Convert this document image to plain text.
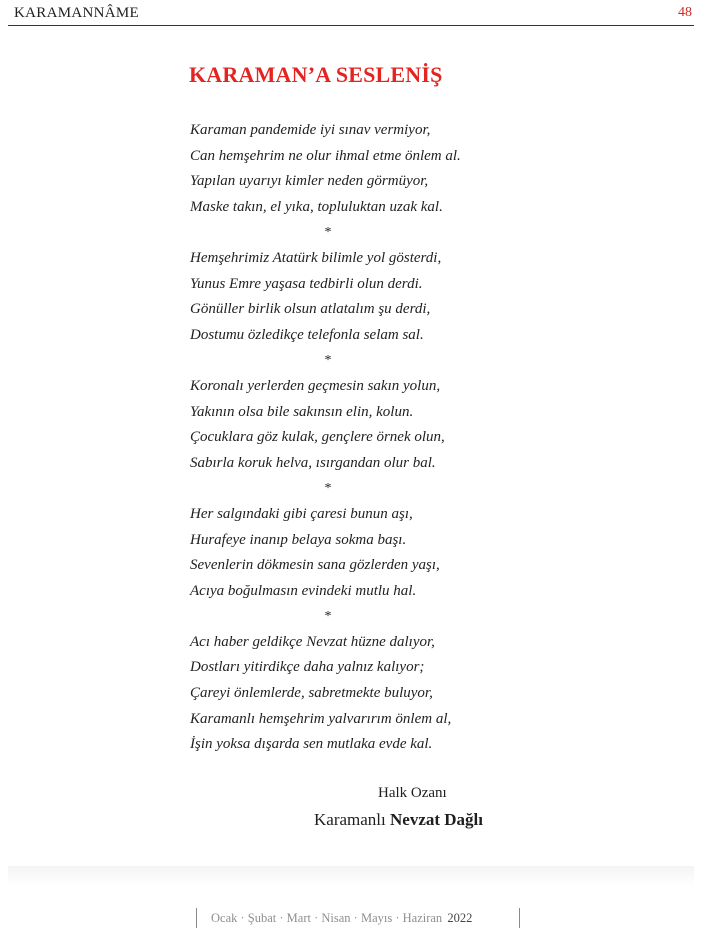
KARAMANNÂME	48
KARAMAN’A SESLENİŞ
Karaman pandemide iyi sınav vermiyor,
Can hemşehrim ne olur ihmal etme önlem al.
Yapılan uyarıyı kimler neden görmüyor,
Maske takın, el yıka, topluluktan uzak kal.
*
Hemşehrimiz Atatürk bilimle yol gösterdi,
Yunus Emre yaşasa tedbirli olun derdi.
Gönüller birlik olsun atlatalım şu derdi,
Dostumu özledikçe telefonla selam sal.
*
Koronalı yerlerden geçmesin sakın yolun,
Yakının olsa bile sakınsın elin, kolun.
Çocuklara göz kulak, gençlere örnek olun,
Sabırla koruk helva, ısırgandan olur bal.
*
Her salgındaki gibi çaresi bunun aşı,
Hurafeye inanıp belaya sokma başı.
Sevenlerin dökmesin sana gözlerden yaşı,
Acıya boğulmasın evindeki mutlu hal.
*
Acı haber geldikçe Nevzat hüzne dalıyor,
Dostları yitirdikçe daha yalnız kalıyor;
Çareyi önlemlerde, sabretmekte buluyor,
Karamanlı hemşehrim yalvarırım önlem al,
İşin yoksa dışarda sen mutlaka evde kal.
Halk Ozanı
Karamanlı Nevzat Dağlı
Ocak · Şubat · Mart · Nisan · Mayıs · Haziran 2022
